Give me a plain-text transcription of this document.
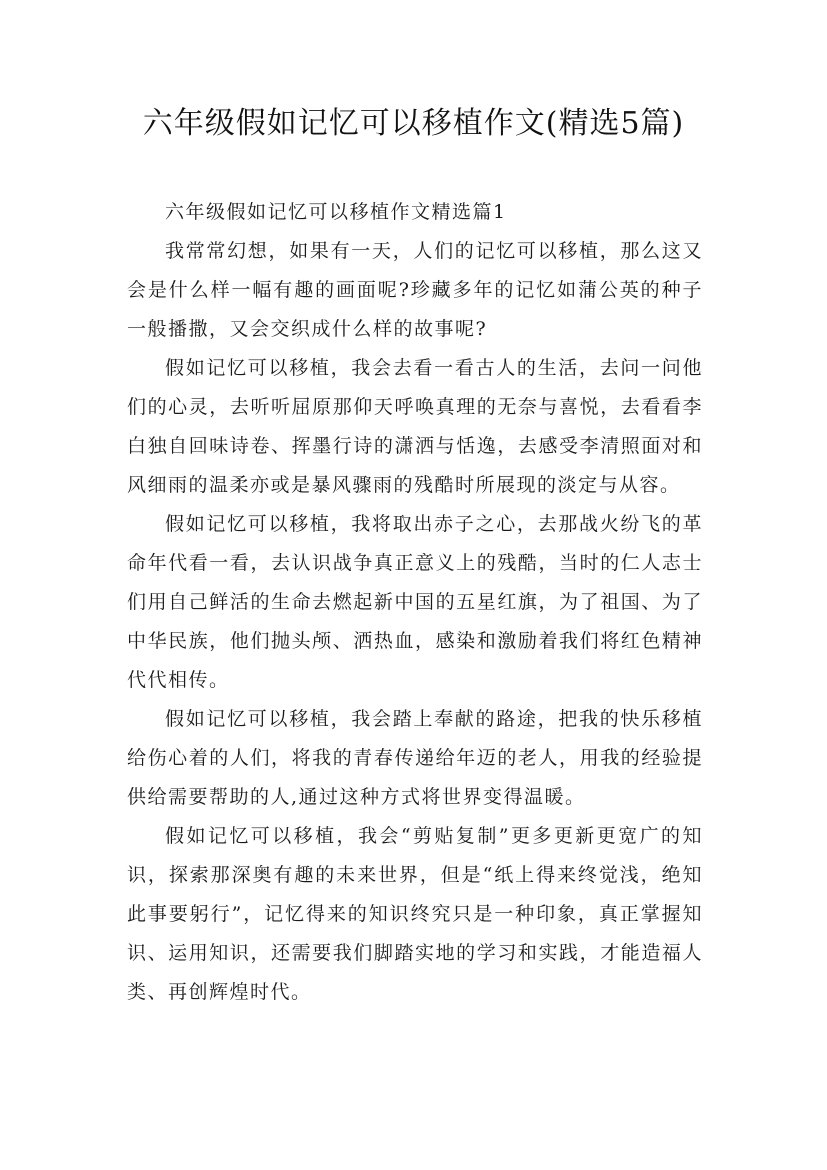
六年级假如记忆可以移植作文(精选5篇)

六年级假如记忆可以移植作文精选篇1

我常常幻想，如果有一天，人们的记忆可以移植，那么这又会是什么样一幅有趣的画面呢?珍藏多年的记忆如蒲公英的种子一般播撒，又会交织成什么样的故事呢?

假如记忆可以移植，我会去看一看古人的生活，去问一问他们的心灵，去听听屈原那仰天呼唤真理的无奈与喜悦，去看看李白独自回味诗卷、挥墨行诗的潇洒与恬逸，去感受李清照面对和风细雨的温柔亦或是暴风骤雨的残酷时所展现的淡定与从容。

假如记忆可以移植，我将取出赤子之心，去那战火纷飞的革命年代看一看，去认识战争真正意义上的残酷，当时的仁人志士们用自己鲜活的生命去燃起新中国的五星红旗，为了祖国、为了中华民族，他们抛头颅、洒热血，感染和激励着我们将红色精神代代相传。

假如记忆可以移植，我会踏上奉献的路途，把我的快乐移植给伤心着的人们，将我的青春传递给年迈的老人，用我的经验提供给需要帮助的人,通过这种方式将世界变得温暖。

假如记忆可以移植，我会“剪贴复制”更多更新更宽广的知识，探索那深奥有趣的未来世界，但是“纸上得来终觉浅，绝知此事要躬行”，记忆得来的知识终究只是一种印象，真正掌握知识、运用知识，还需要我们脚踏实地的学习和实践，才能造福人类、再创辉煌时代。
